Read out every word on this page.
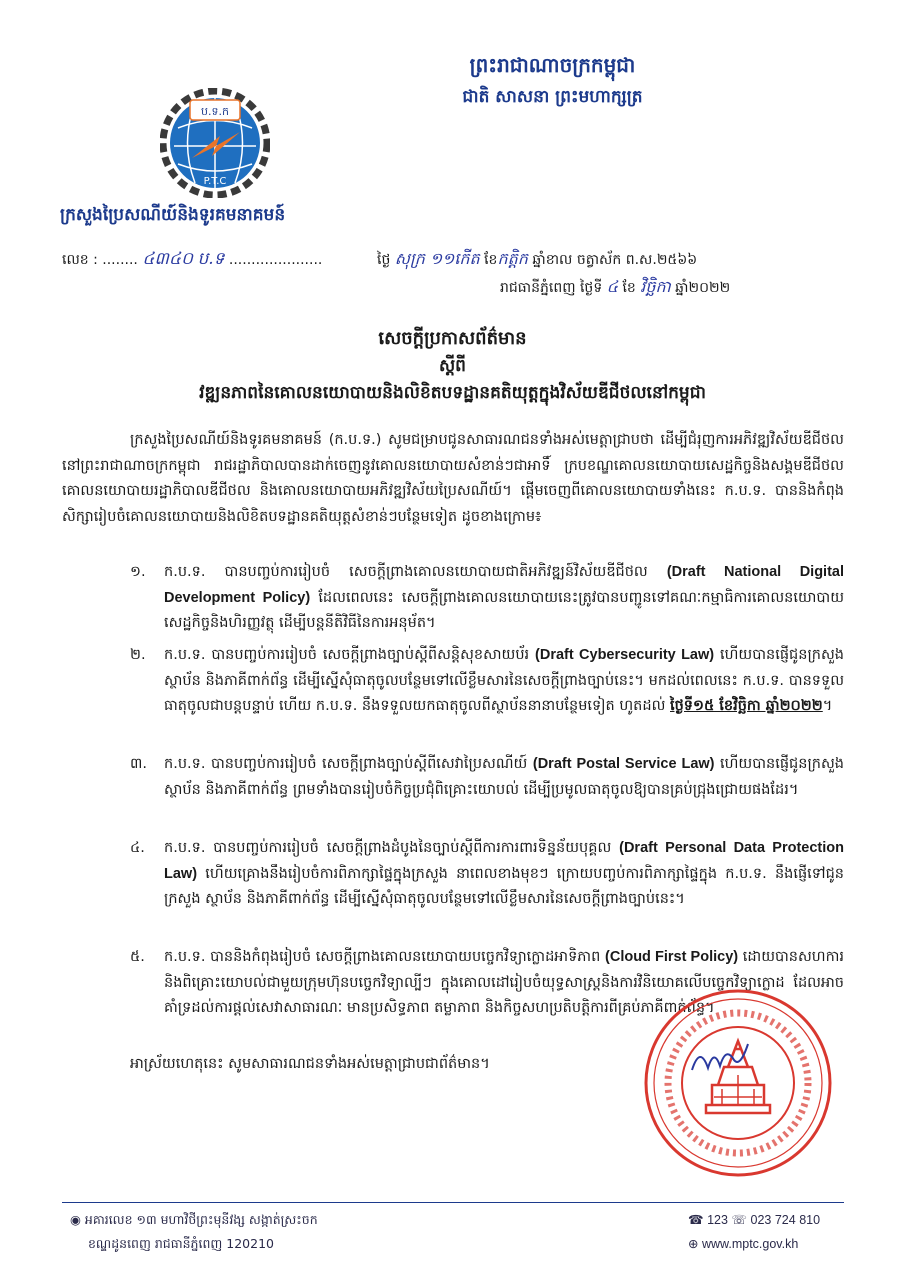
ព្រះរាជាណាចក្រកម្ពុជា
ជាតិ សាសនា ព្រះមហាក្សត្រ
ប.ទ.ក
P.T.C
ក្រសួងប្រៃសណីយ៍និងទូរគមនាគមន៍
លេខ : ........ ៤៣៤០ ប.ទ .....................	ថ្ងៃ សុក្រ ១១កើត ខែកត្តិក ឆ្នាំខាល ចត្វាស័ក ព.ស.២៥៦៦
រាជធានីភ្នំពេញ ថ្ងៃទី ៤ ខែ វិច្ឆិកា ឆ្នាំ២០២២
សេចក្ដីប្រកាសព័ត៌មាន
ស្ដីពី
វឌ្ឍនភាពនៃគោលនយោបាយនិងលិខិតបទដ្ឋានគតិយុត្តក្នុងវិស័យឌីជីថលនៅកម្ពុជា
ក្រសួងប្រៃសណីយ៍និងទូរគមនាគមន៍ (ក.ប.ទ.) សូមជម្រាបជូនសាធារណជនទាំងអស់មេត្តាជ្រាបថា ដើម្បីជំរុញការអភិវឌ្ឍវិស័យឌីជីថលនៅព្រះរាជាណាចក្រកម្ពុជា រាជរដ្ឋាភិបាលបានដាក់ចេញនូវគោលនយោបាយសំខាន់ៗជាអាទិ៍ ក្របខណ្ឌគោលនយោបាយសេដ្ឋកិច្ចនិងសង្គមឌីជីថល គោលនយោបាយរដ្ឋាភិបាលឌីជីថល និងគោលនយោបាយអភិវឌ្ឍវិស័យប្រៃសណីយ៍។ ផ្ដើមចេញពីគោលនយោបាយទាំងនេះ ក.ប.ទ. បាននិងកំពុងសិក្សារៀបចំគោលនយោបាយនិងលិខិតបទដ្ឋានគតិយុត្តសំខាន់ៗបន្ថែមទៀត ដូចខាងក្រោម៖
១. ក.ប.ទ. បានបញ្ចប់ការរៀបចំ សេចក្ដីព្រាងគោលនយោបាយជាតិអភិវឌ្ឍន៍វិស័យឌីជីថល (Draft National Digital Development Policy) ដែលពេលនេះ សេចក្ដីព្រាងគោលនយោបាយនេះត្រូវបានបញ្ជូនទៅគណៈកម្មាធិការគោលនយោបាយសេដ្ឋកិច្ចនិងហិរញ្ញវត្ថុ ដើម្បីបន្តនីតិវិធីនៃការអនុម័ត។
២. ក.ប.ទ. បានបញ្ចប់ការរៀបចំ សេចក្ដីព្រាងច្បាប់ស្ដីពីសន្តិសុខសាយប័រ (Draft Cybersecurity Law) ហើយបានផ្ញើជូនក្រសួង ស្ថាប័ន និងភាគីពាក់ព័ន្ធ ដើម្បីស្នើសុំធាតុចូលបន្ថែមទៅលើខ្លឹមសារនៃសេចក្ដីព្រាងច្បាប់នេះ។ មកដល់ពេលនេះ ក.ប.ទ. បានទទួលធាតុចូលជាបន្តបន្ទាប់ ហើយ ក.ប.ទ. នឹងទទួលយកធាតុចូលពីស្ថាប័ននានាបន្ថែមទៀត ហូតដល់ ថ្ងៃទី១៥ ខែវិច្ឆិកា ឆ្នាំ២០២២។
៣. ក.ប.ទ. បានបញ្ចប់ការរៀបចំ សេចក្ដីព្រាងច្បាប់ស្ដីពីសេវាប្រៃសណីយ៍ (Draft Postal Service Law) ហើយបានផ្ញើជូនក្រសួង ស្ថាប័ន និងភាគីពាក់ព័ន្ធ ព្រមទាំងបានរៀបចំកិច្ចប្រជុំពិគ្រោះយោបល់ ដើម្បីប្រមូលធាតុចូលឱ្យបានគ្រប់ជ្រុងជ្រោយផងដែរ។
៤. ក.ប.ទ. បានបញ្ចប់ការរៀបចំ សេចក្ដីព្រាងដំបូងនៃច្បាប់ស្ដីពីការការពារទិន្នន័យបុគ្គល (Draft Personal Data Protection Law) ហើយគ្រោងនឹងរៀបចំការពិភាក្សាផ្ទៃក្នុងក្រសួង នាពេលខាងមុខៗ ក្រោយបញ្ចប់ការពិភាក្សាផ្ទៃក្នុង ក.ប.ទ. នឹងផ្ញើទៅជូនក្រសួង ស្ថាប័ន និងភាគីពាក់ព័ន្ធ ដើម្បីស្នើសុំធាតុចូលបន្ថែមទៅលើខ្លឹមសារនៃសេចក្ដីព្រាងច្បាប់នេះ។
៥. ក.ប.ទ. បាននិងកំពុងរៀបចំ សេចក្ដីព្រាងគោលនយោបាយបច្ចេកវិទ្យាក្លោដអាទិភាព (Cloud First Policy) ដោយបានសហការនិងពិគ្រោះយោបល់ជាមួយក្រុមហ៊ុនបច្ចេកវិទ្យាល្បីៗ ក្នុងគោលដៅរៀបចំយុទ្ធសាស្ត្រនិងការវិនិយោគលើបច្ចេកវិទ្យាក្លោដ ដែលអាចគាំទ្រដល់ការផ្ដល់សេវាសាធារណៈ មានប្រសិទ្ធភាព តម្លាភាព និងកិច្ចសហប្រតិបត្តិការពីគ្រប់ភាគីពាក់ព័ន្ធ។
អាស្រ័យហេតុនេះ សូមសាធារណជនទាំងអស់មេត្តាជ្រាបជាព័ត៌មាន។
◉ អគារលេខ ១៣ មហាវិថីព្រះមុនីវង្ស សង្កាត់ស្រះចក
ខណ្ឌដូនពេញ រាជធានីភ្នំពេញ 120210
☎ 123 ☏ 023 724 810
⊕ www.mptc.gov.kh
